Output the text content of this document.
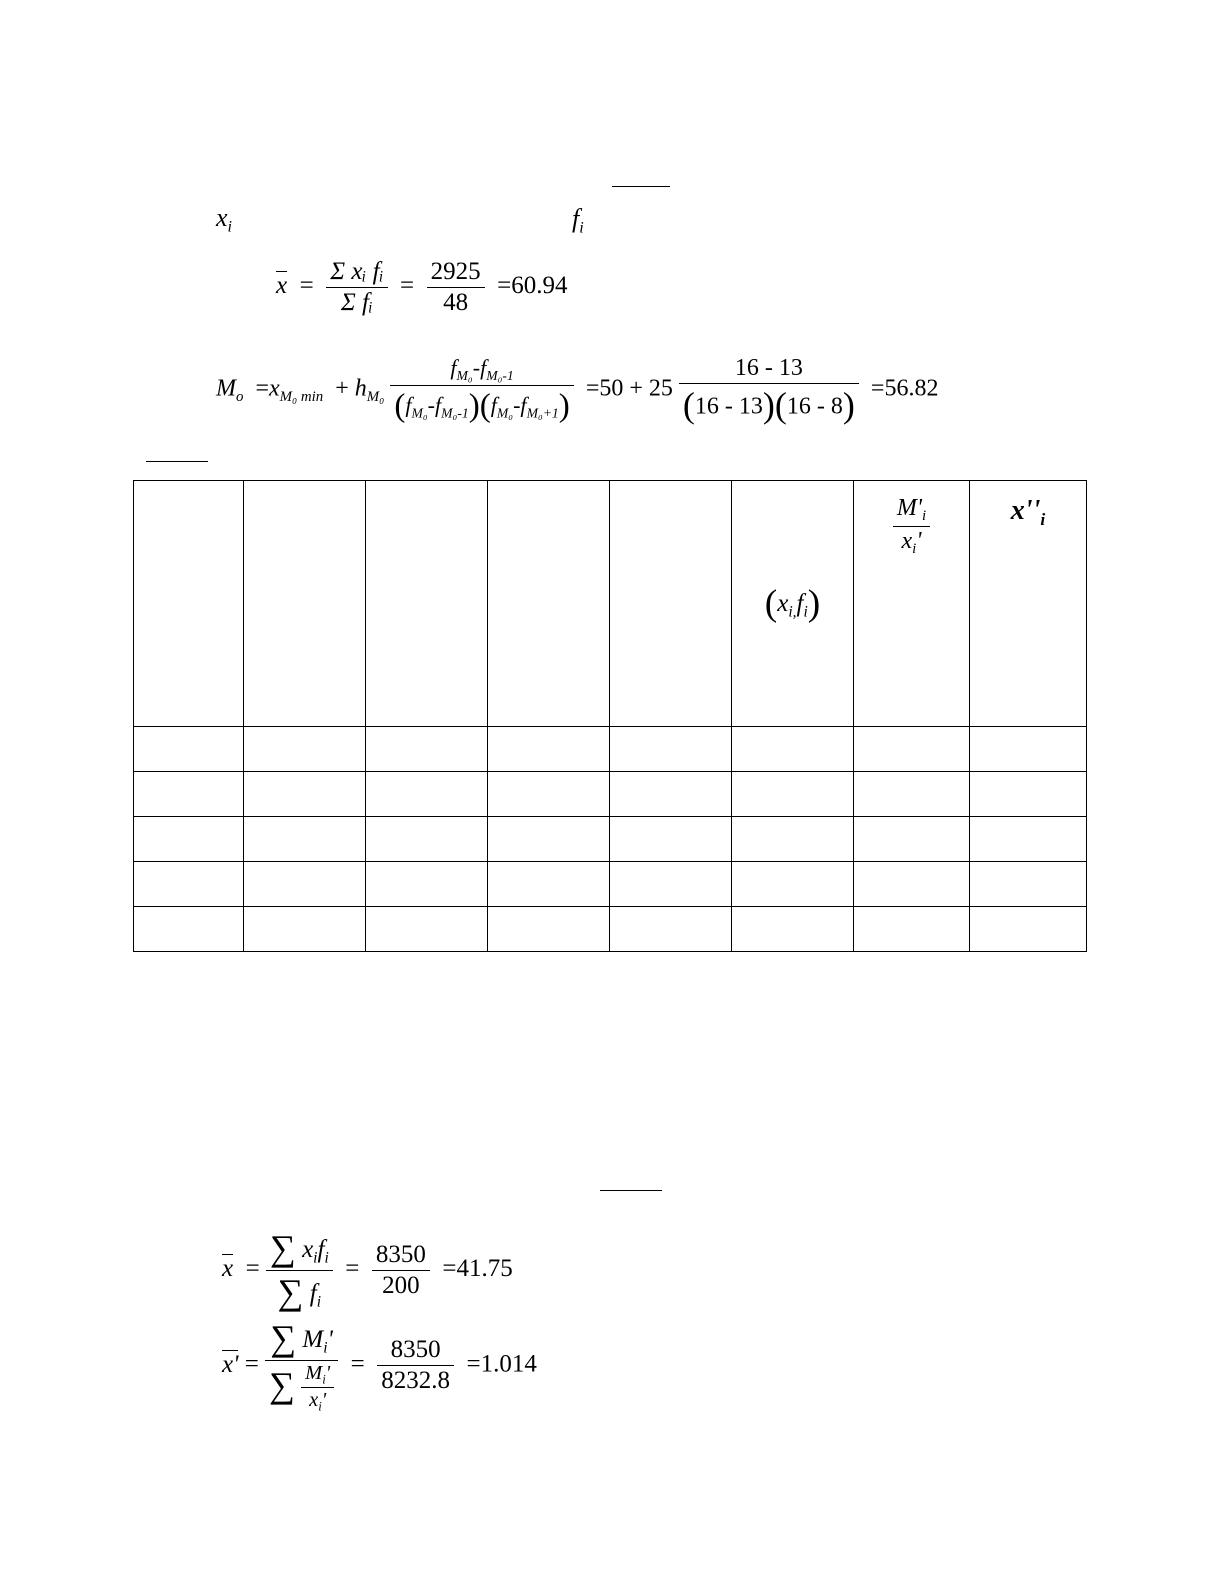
$x_i$	$f_i$
$x = \frac{\text{Σ xᵢ fᵢ}}{\text{Σ fᵢ}} = \frac{2925}{48} =60.94$
$M_o =x_{M_0 min} + h_{M_0} \frac{f_{M_0}-f_{M_0-1}}{(f_{M_0}-f_{M_0-1})(f_{M_0}-f_{M_0+1})} =50 + 25 \frac{16 - 13}{(16 - 13)(16 - 8)} =56.82$
					$(x_{i,}f_i)$	$\frac{M'_i}{x_i'}$	$x''_i$

$x = \frac{\sum x_if_i}{\sum f_i} = \frac{8350}{200} =41.75$
$x' = \frac{\sum M_i'}{\sum \frac{M_i'}{x_i'}} = \frac{8350}{8232.8} =1.014$
